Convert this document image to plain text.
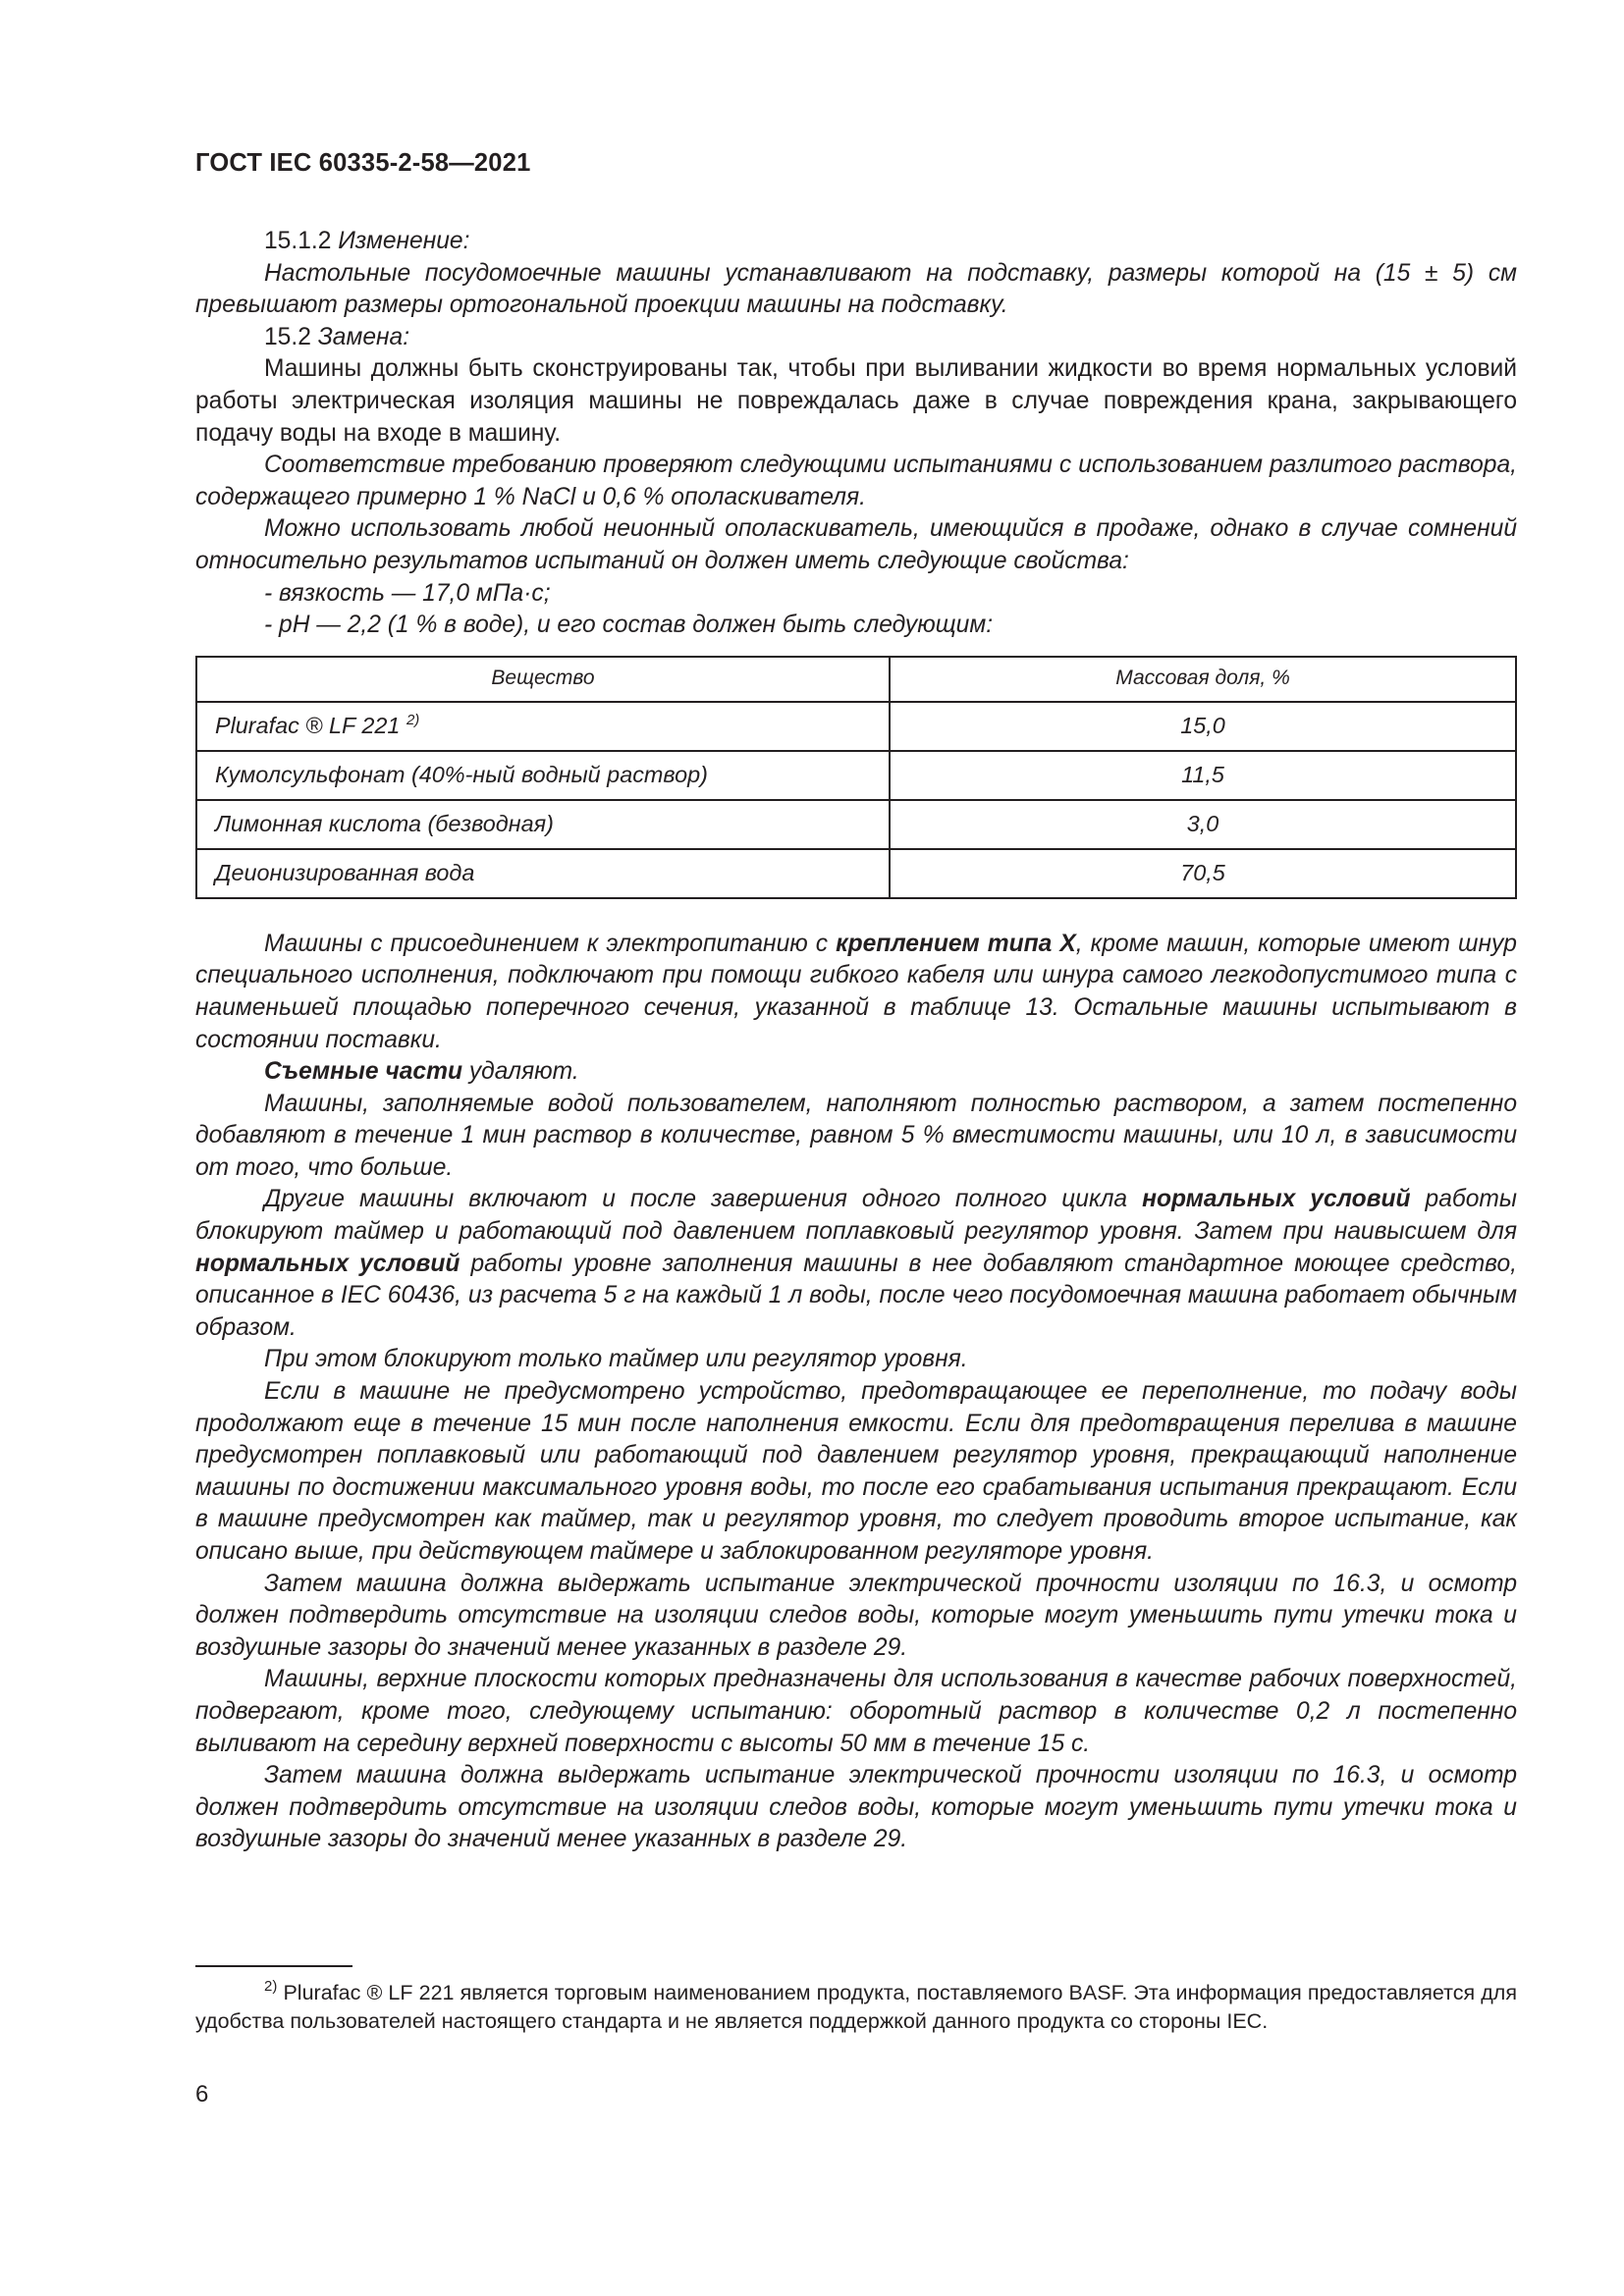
ГОСТ IEC 60335-2-58—2021

15.1.2 Изменение:

Настольные посудомоечные машины устанавливают на подставку, размеры которой на (15 ± 5) см превышают размеры ортогональной проекции машины на подставку.

15.2 Замена:

Машины должны быть сконструированы так, чтобы при выливании жидкости во время нормальных условий работы электрическая изоляция машины не повреждалась даже в случае повреждения крана, закрывающего подачу воды на входе в машину.

Соответствие требованию проверяют следующими испытаниями с использованием разлитого раствора, содержащего примерно 1 % NaCl и 0,6 % ополаскивателя.

Можно использовать любой неионный ополаскиватель, имеющийся в продаже, однако в случае сомнений относительно результатов испытаний он должен иметь следующие свойства:

- вязкость — 17,0 мПа·с;

- pH — 2,2 (1 % в воде), и его состав должен быть следующим:

Вещество	Массовая доля, %
Plurafac ® LF 221 $^{2)}$	15,0
Кумолсульфонат (40%-ный водный раствор)	11,5
Лимонная кислота (безводная)	3,0
Деионизированная вода	70,5

Машины с присоединением к электропитанию с креплением типа X, кроме машин, которые имеют шнур специального исполнения, подключают при помощи гибкого кабеля или шнура самого легкодопустимого типа с наименьшей площадью поперечного сечения, указанной в таблице 13. Остальные машины испытывают в состоянии поставки.

Съемные части удаляют.

Машины, заполняемые водой пользователем, наполняют полностью раствором, а затем постепенно добавляют в течение 1 мин раствор в количестве, равном 5 % вместимости машины, или 10 л, в зависимости от того, что больше.

Другие машины включают и после завершения одного полного цикла нормальных условий работы блокируют таймер и работающий под давлением поплавковый регулятор уровня. Затем при наивысшем для нормальных условий работы уровне заполнения машины в нее добавляют стандартное моющее средство, описанное в IEC 60436, из расчета 5 г на каждый 1 л воды, после чего посудомоечная машина работает обычным образом.

При этом блокируют только таймер или регулятор уровня.

Если в машине не предусмотрено устройство, предотвращающее ее переполнение, то подачу воды продолжают еще в течение 15 мин после наполнения емкости. Если для предотвращения перелива в машине предусмотрен поплавковый или работающий под давлением регулятор уровня, прекращающий наполнение машины по достижении максимального уровня воды, то после его срабатывания испытания прекращают. Если в машине предусмотрен как таймер, так и регулятор уровня, то следует проводить второе испытание, как описано выше, при действующем таймере и заблокированном регуляторе уровня.

Затем машина должна выдержать испытание электрической прочности изоляции по 16.3, и осмотр должен подтвердить отсутствие на изоляции следов воды, которые могут уменьшить пути утечки тока и воздушные зазоры до значений менее указанных в разделе 29.

Машины, верхние плоскости которых предназначены для использования в качестве рабочих поверхностей, подвергают, кроме того, следующему испытанию: оборотный раствор в количестве 0,2 л постепенно выливают на середину верхней поверхности с высоты 50 мм в течение 15 с.

Затем машина должна выдержать испытание электрической прочности изоляции по 16.3, и осмотр должен подтвердить отсутствие на изоляции следов воды, которые могут уменьшить пути утечки тока и воздушные зазоры до значений менее указанных в разделе 29.

$^{2)}$ Plurafac ® LF 221 является торговым наименованием продукта, поставляемого BASF. Эта информация предоставляется для удобства пользователей настоящего стандарта и не является поддержкой данного продукта со стороны IEC.
6
